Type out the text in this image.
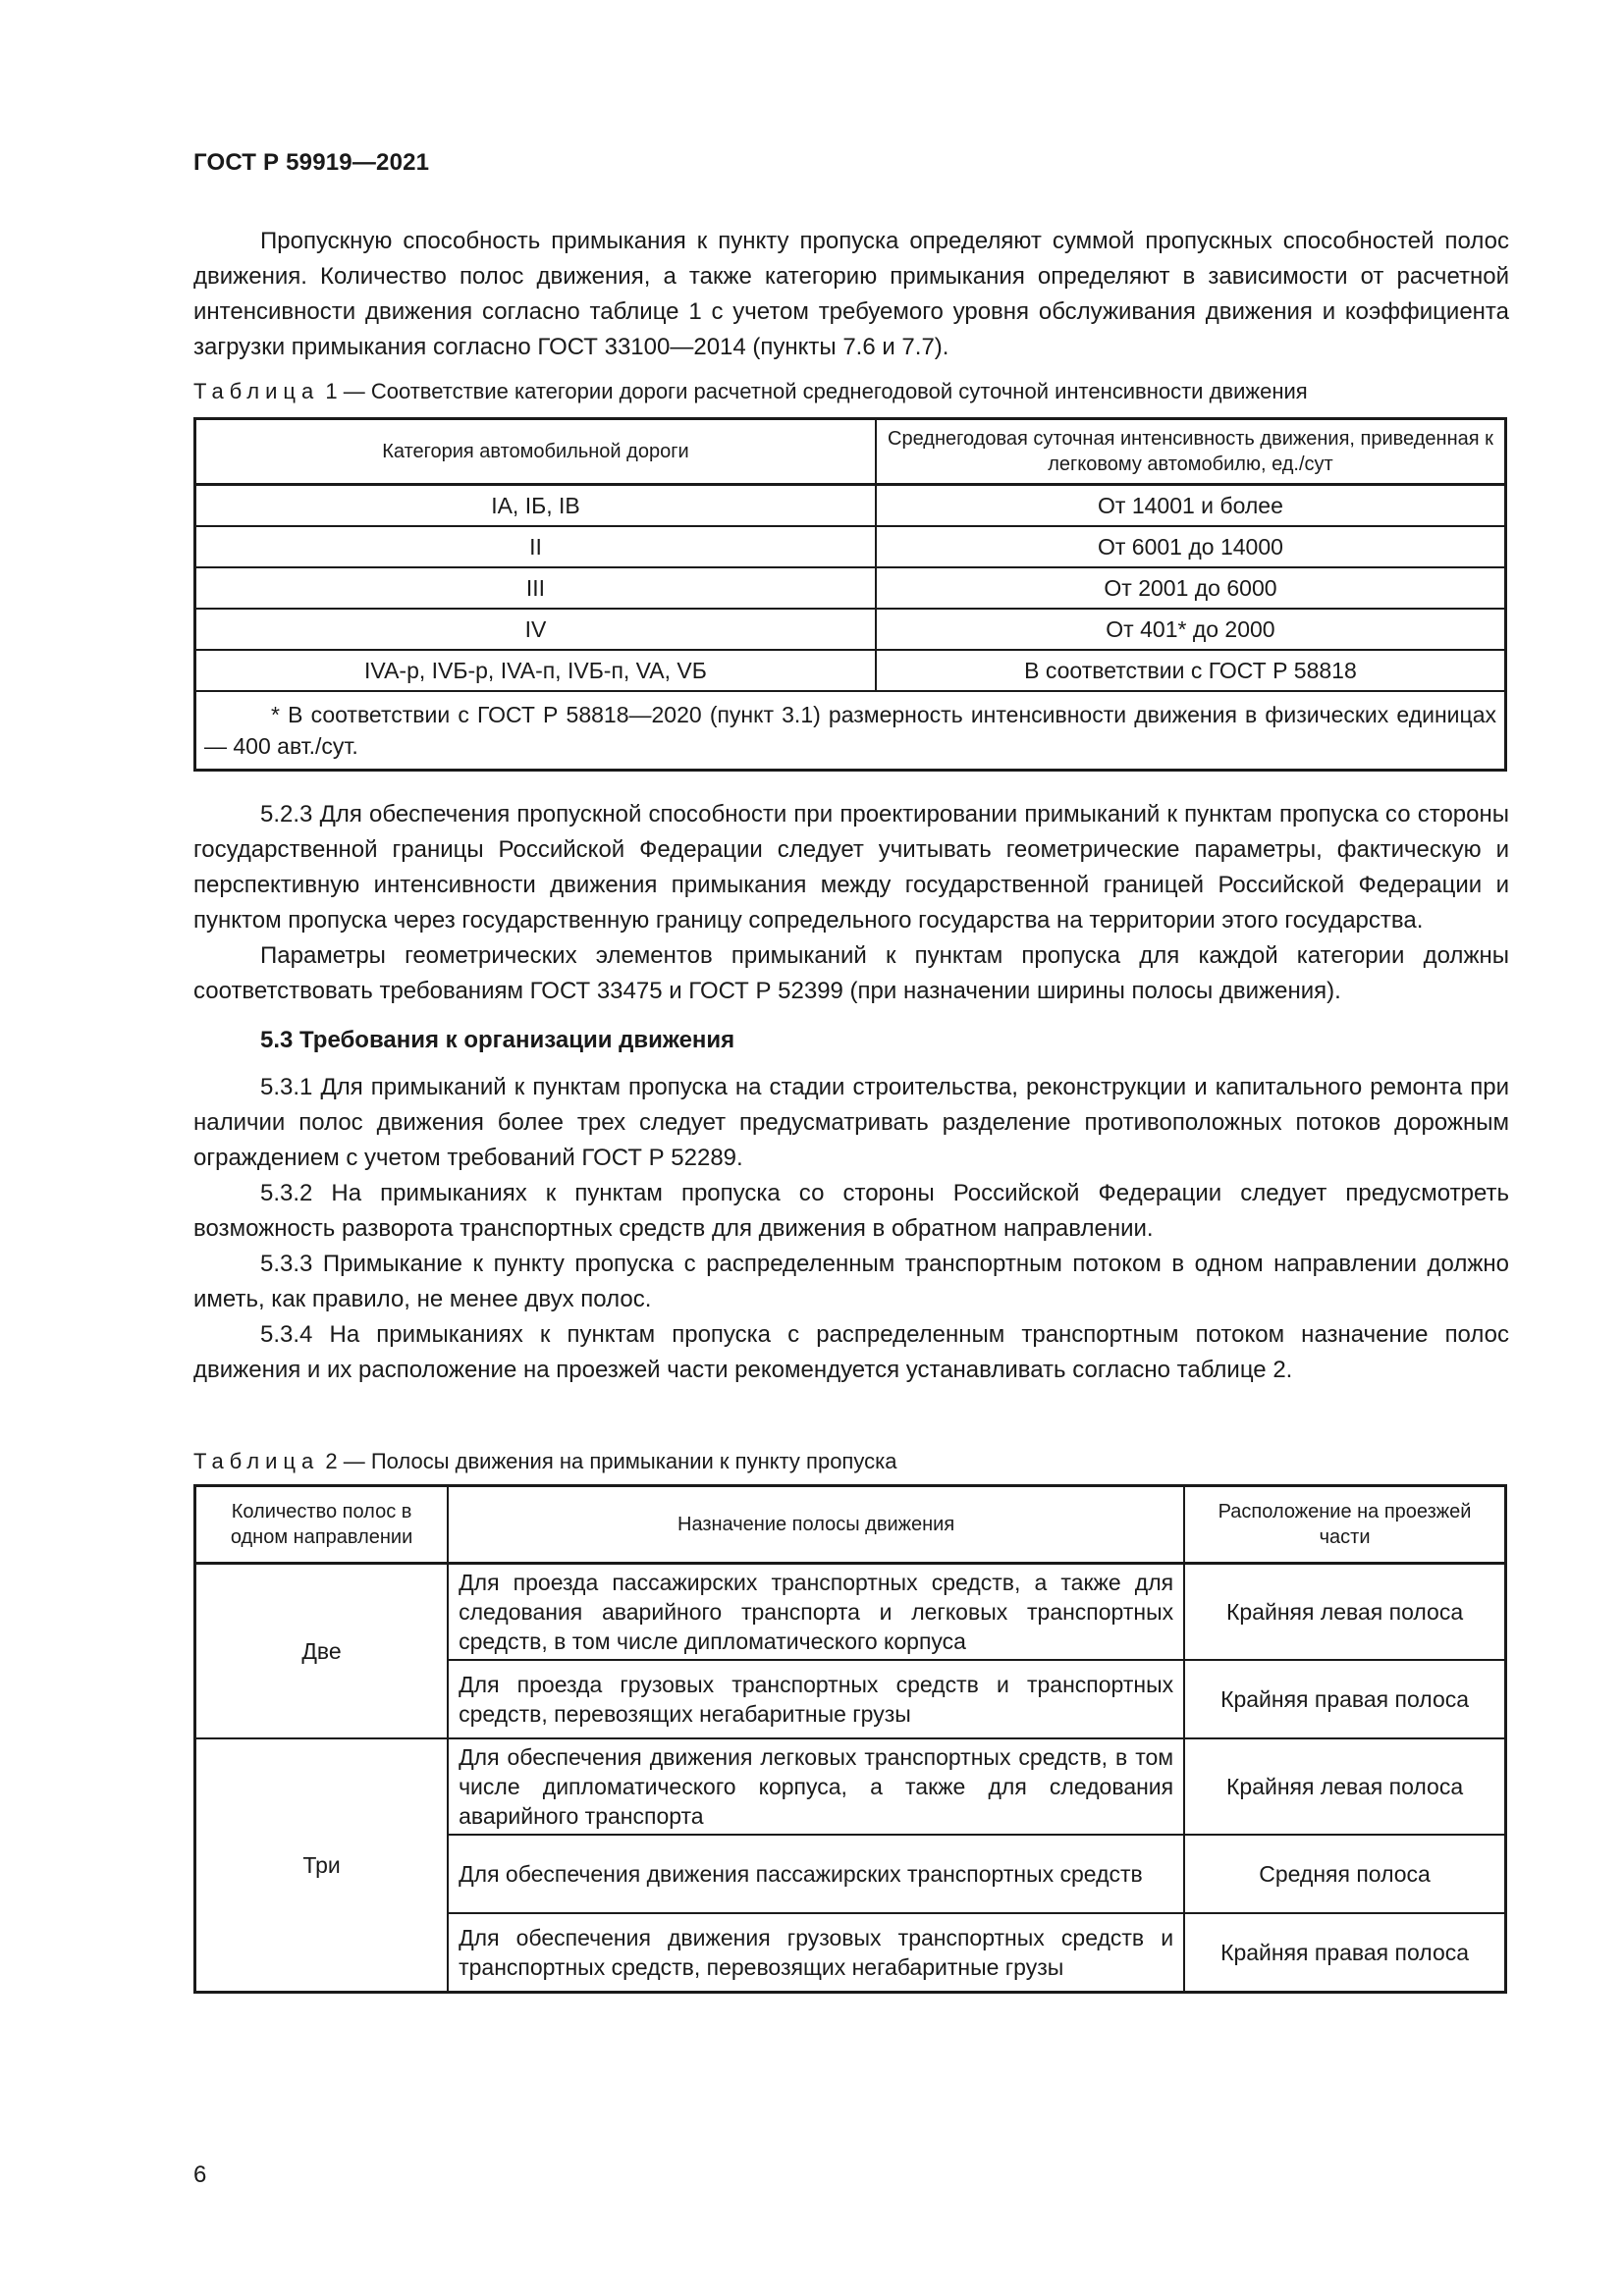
ГОСТ Р 59919—2021

Пропускную способность примыкания к пункту пропуска определяют суммой пропускных способностей полос движения. Количество полос движения, а также категорию примыкания определяют в зависимости от расчетной интенсивности движения согласно таблице 1 с учетом требуемого уровня обслуживания движения и коэффициента загрузки примыкания согласно ГОСТ 33100—2014 (пункты 7.6 и 7.7).

Таблица 1 — Соответствие категории дороги расчетной среднегодовой суточной интенсивности движения
Категория автомобильной дороги	Среднегодовая суточная интенсивность движения, приведенная к легковому автомобилю, ед./сут
IA, IБ, IB	От 14001 и более
II	От 6001 до 14000
III	От 2001 до 6000
IV	От 401* до 2000
IVA-р, IVБ-р, IVA-п, IVБ-п, VA, VБ	В соответствии с ГОСТ Р 58818
* В соответствии с ГОСТ Р 58818—2020 (пункт 3.1) размерность интенсивности движения в физических единицах — 400 авт./сут.	

5.2.3 Для обеспечения пропускной способности при проектировании примыканий к пунктам пропуска со стороны государственной границы Российской Федерации следует учитывать геометрические параметры, фактическую и перспективную интенсивности движения примыкания между государственной границей Российской Федерации и пунктом пропуска через государственную границу сопредельного государства на территории этого государства.

Параметры геометрических элементов примыканий к пунктам пропуска для каждой категории должны соответствовать требованиям ГОСТ 33475 и ГОСТ Р 52399 (при назначении ширины полосы движения).

5.3 Требования к организации движения

5.3.1 Для примыканий к пунктам пропуска на стадии строительства, реконструкции и капитального ремонта при наличии полос движения более трех следует предусматривать разделение противоположных потоков дорожным ограждением с учетом требований ГОСТ Р 52289.

5.3.2 На примыканиях к пунктам пропуска со стороны Российской Федерации следует предусмотреть возможность разворота транспортных средств для движения в обратном направлении.

5.3.3 Примыкание к пункту пропуска с распределенным транспортным потоком в одном направлении должно иметь, как правило, не менее двух полос.

5.3.4 На примыканиях к пунктам пропуска с распределенным транспортным потоком назначение полос движения и их расположение на проезжей части рекомендуется устанавливать согласно таблице 2.

Таблица 2 — Полосы движения на примыкании к пункту пропуска
Количество полос в одном направлении	Назначение полосы движения	Расположение на проезжей части
Две	Для проезда пассажирских транспортных средств, а также для следования аварийного транспорта и легковых транспортных средств, в том числе дипломатического корпуса	Крайняя левая полоса
	Для проезда грузовых транспортных средств и транспортных средств, перевозящих негабаритные грузы	Крайняя правая полоса
Три	Для обеспечения движения легковых транспортных средств, в том числе дипломатического корпуса, а также для следования аварийного транспорта	Крайняя левая полоса
	Для обеспечения движения пассажирских транспортных средств	Средняя полоса
	Для обеспечения движения грузовых транспортных средств и транспортных средств, перевозящих негабаритные грузы	Крайняя правая полоса
6
